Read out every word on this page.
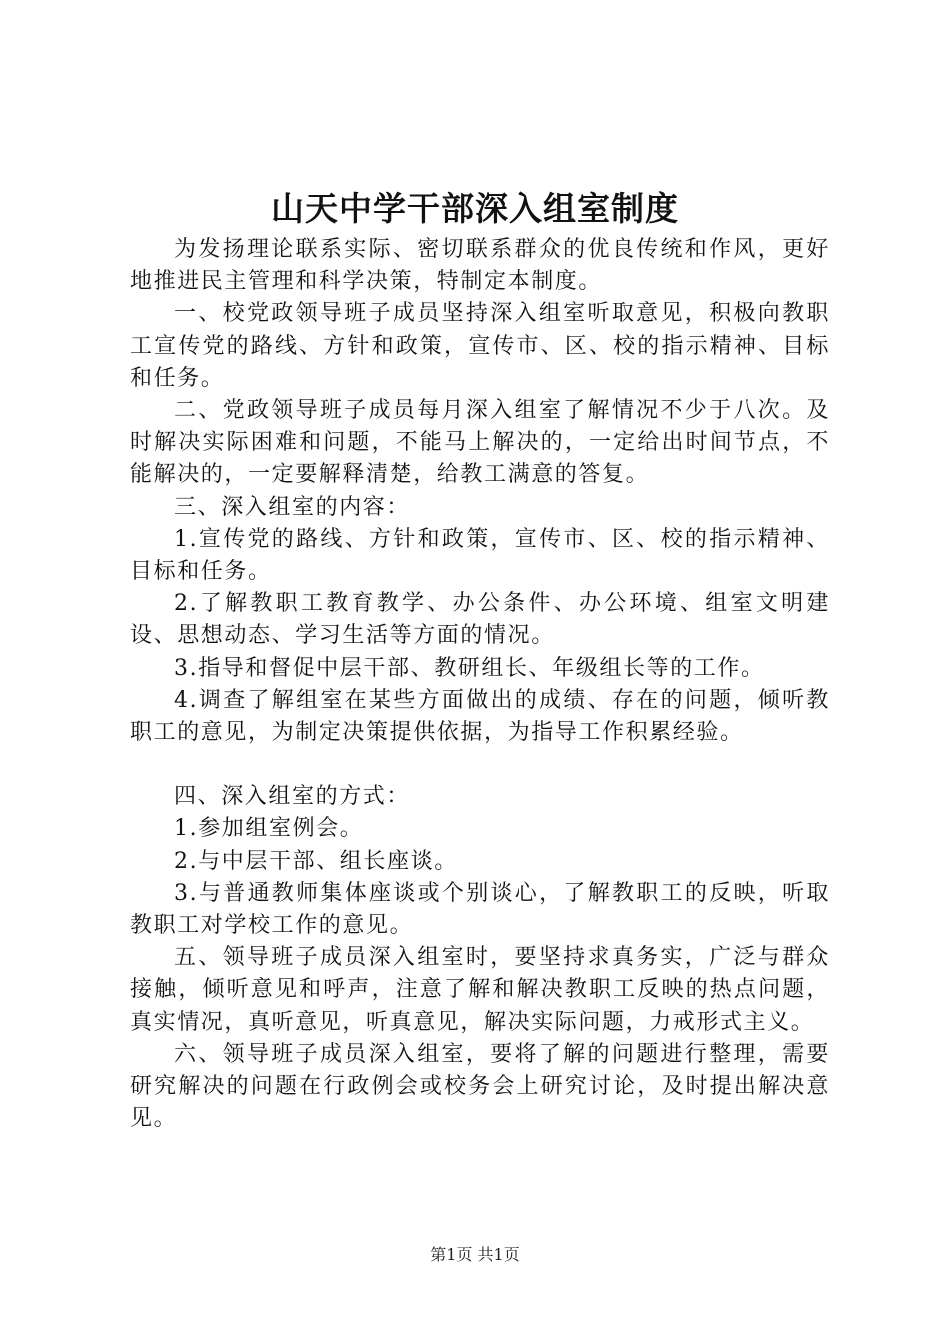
山天中学干部深入组室制度

为发扬理论联系实际、密切联系群众的优良传统和作风，更好地推进民主管理和科学决策，特制定本制度。

一、校党政领导班子成员坚持深入组室听取意见，积极向教职工宣传党的路线、方针和政策，宣传市、区、校的指示精神、目标和任务。

二、党政领导班子成员每月深入组室了解情况不少于八次。及时解决实际困难和问题，不能马上解决的，一定给出时间节点，不能解决的，一定要解释清楚，给教工满意的答复。

三、深入组室的内容：

1.宣传党的路线、方针和政策，宣传市、区、校的指示精神、目标和任务。

2.了解教职工教育教学、办公条件、办公环境、组室文明建设、思想动态、学习生活等方面的情况。

3.指导和督促中层干部、教研组长、年级组长等的工作。

4.调查了解组室在某些方面做出的成绩、存在的问题，倾听教职工的意见，为制定决策提供依据，为指导工作积累经验。

四、深入组室的方式：

1.参加组室例会。

2.与中层干部、组长座谈。

3.与普通教师集体座谈或个别谈心，了解教职工的反映，听取教职工对学校工作的意见。

五、领导班子成员深入组室时，要坚持求真务实，广泛与群众接触，倾听意见和呼声，注意了解和解决教职工反映的热点问题，真实情况，真听意见，听真意见，解决实际问题，力戒形式主义。

六、领导班子成员深入组室，要将了解的问题进行整理，需要研究解决的问题在行政例会或校务会上研究讨论，及时提出解决意见。

第1页 共1页
